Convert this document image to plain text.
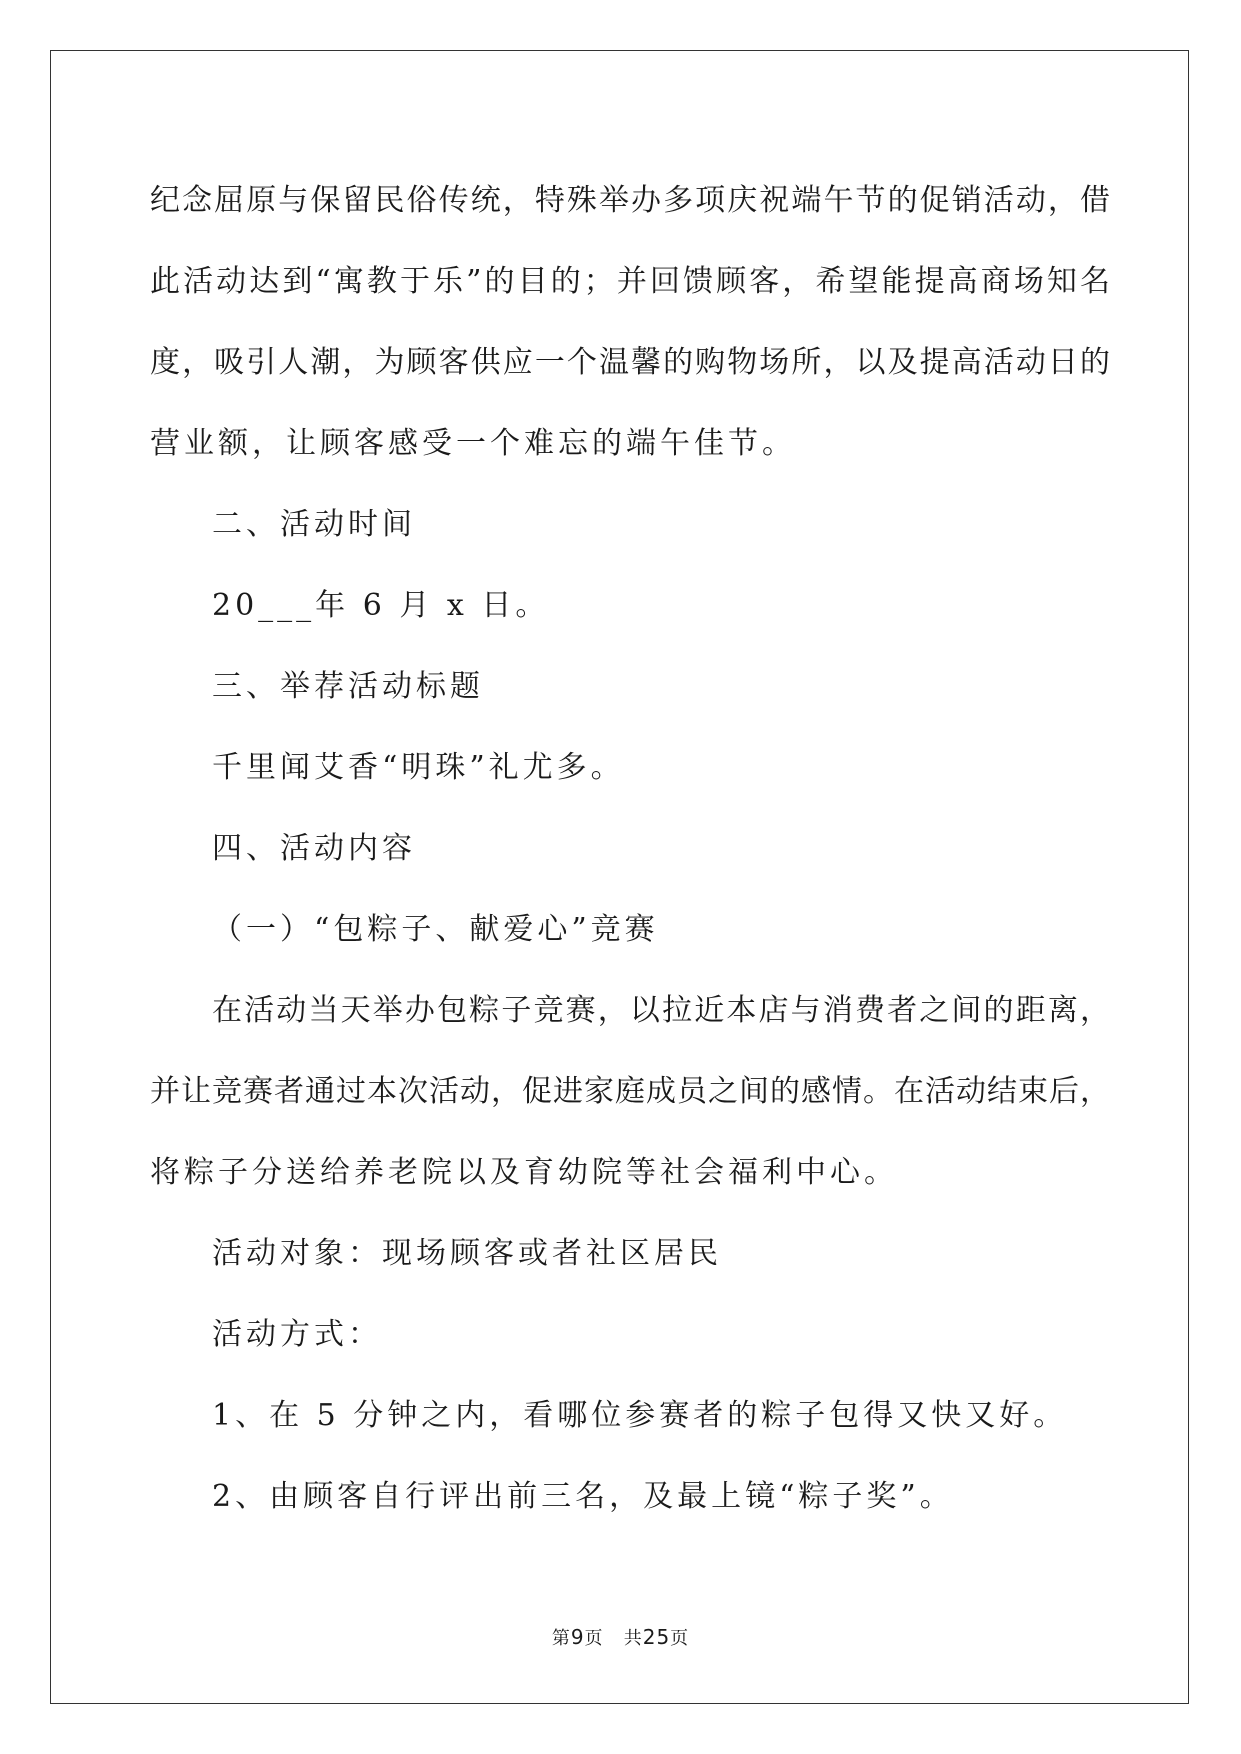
纪念屈原与保留民俗传统，特殊举办多项庆祝端午节的促销活动，借

此活动达到“寓教于乐”的目的；并回馈顾客，希望能提高商场知名

度，吸引人潮，为顾客供应一个温馨的购物场所，以及提高活动日的

营业额，让顾客感受一个难忘的端午佳节。

二、活动时间

20___年 6 月 x 日。

三、举荐活动标题

千里闻艾香“明珠”礼尤多。

四、活动内容

（一）“包粽子、献爱心”竞赛

在活动当天举办包粽子竞赛，以拉近本店与消费者之间的距离，

并让竞赛者通过本次活动，促进家庭成员之间的感情。在活动结束后，

将粽子分送给养老院以及育幼院等社会福利中心。

活动对象：现场顾客或者社区居民

活动方式：

1、在 5 分钟之内，看哪位参赛者的粽子包得又快又好。

2、由顾客自行评出前三名，及最上镜“粽子奖”。

第9页 共25页
